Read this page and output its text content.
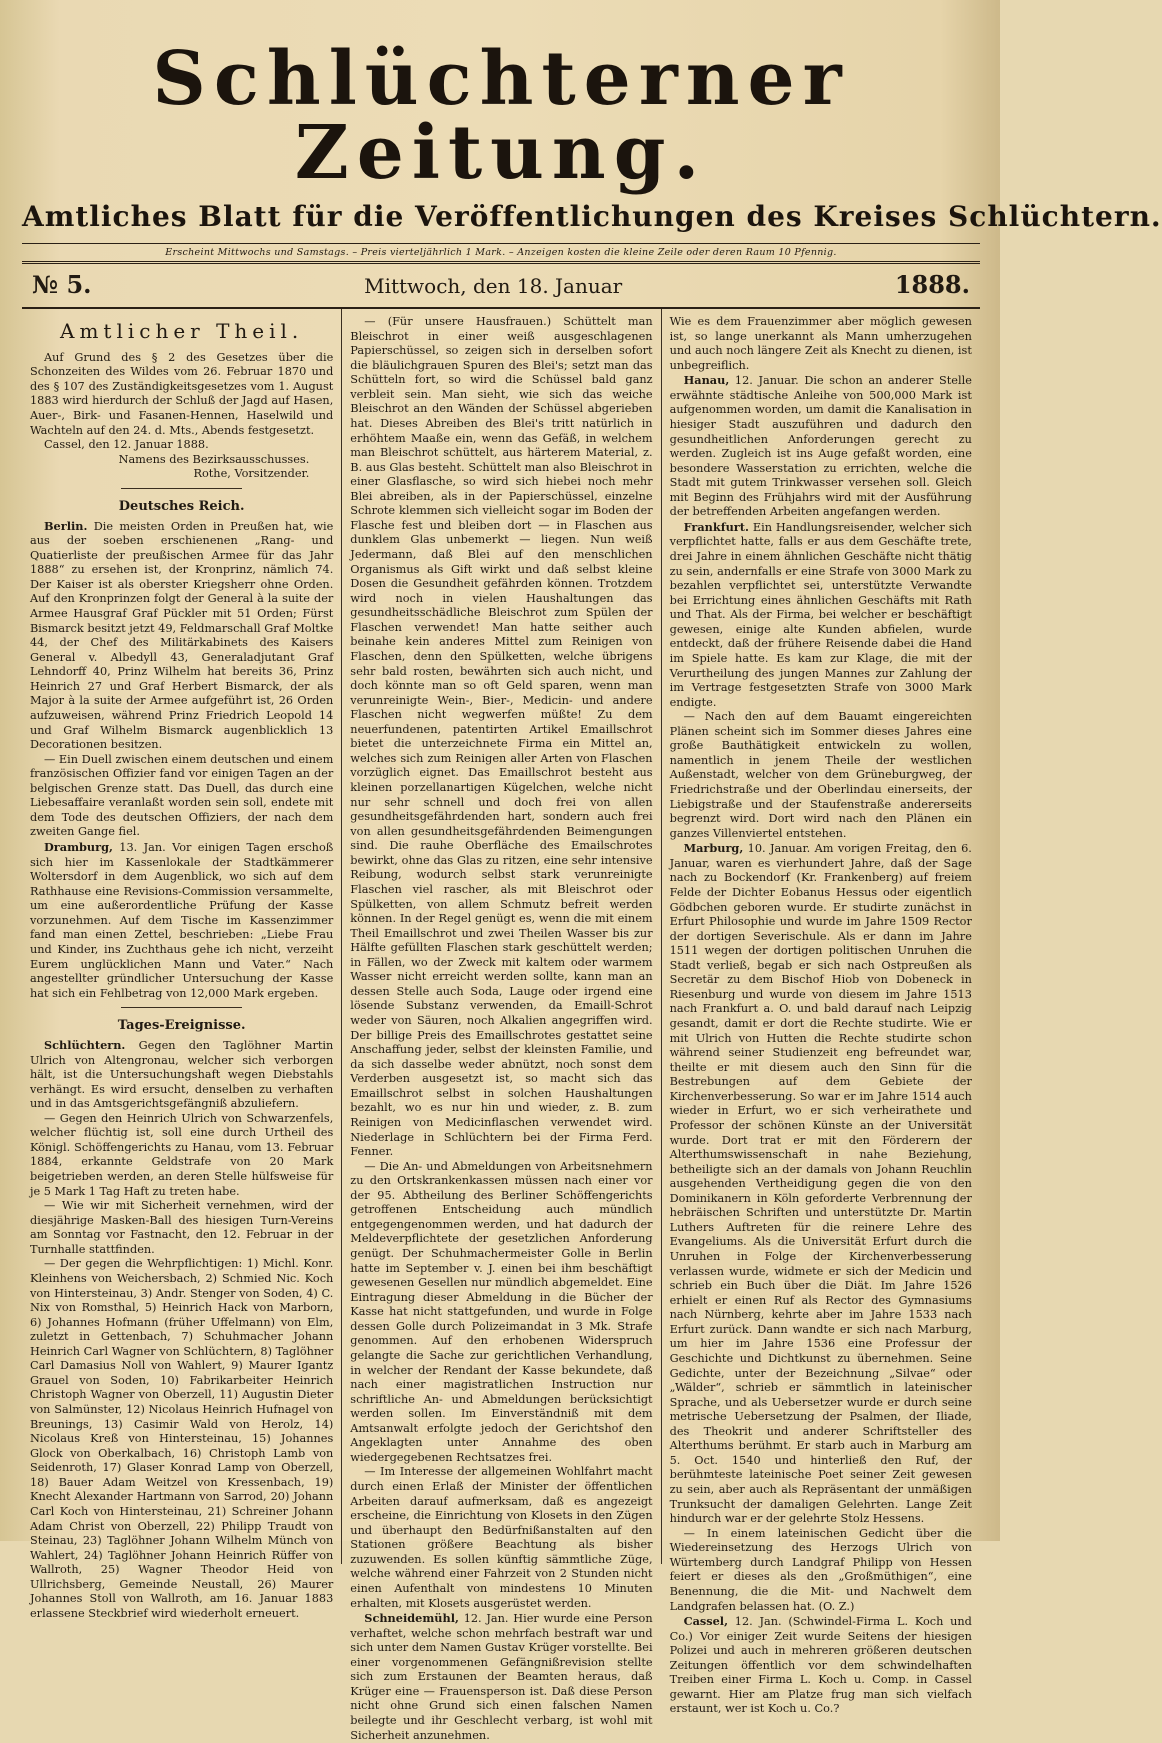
Schlüchterner Zeitung.
Amtliches Blatt für die Veröffentlichungen des Kreises Schlüchtern.
Erscheint Mittwochs und Samstags. – Preis vierteljährlich 1 Mark. – Anzeigen kosten die kleine Zeile oder deren Raum 10 Pfennig.
№ 5.	Mittwoch, den 18. Januar	1888.
Amtlicher Theil.

Auf Grund des § 2 des Gesetzes über die Schonzeiten des Wildes vom 26. Februar 1870 und des § 107 des Zuständigkeitsgesetzes vom 1. August 1883 wird hierdurch der Schluß der Jagd auf Hasen, Auer-, Birk- und Fasanen-Hennen, Haselwild und Wachteln auf den 24. d. Mts., Abends festgesetzt.

Cassel, den 12. Januar 1888.

Namens des Bezirksausschusses.

Rothe, Vorsitzender.

Deutsches Reich.

Berlin. Die meisten Orden in Preußen hat, wie aus der soeben erschienenen „Rang- und Quatierliste der preußischen Armee für das Jahr 1888“ zu ersehen ist, der Kronprinz, nämlich 74. Der Kaiser ist als oberster Kriegsherr ohne Orden. Auf den Kronprinzen folgt der General à la suite der Armee Hausgraf Graf Pückler mit 51 Orden; Fürst Bismarck besitzt jetzt 49, Feldmarschall Graf Moltke 44, der Chef des Militärkabinets des Kaisers General v. Albedyll 43, Generaladjutant Graf Lehndorff 40, Prinz Wilhelm hat bereits 36, Prinz Heinrich 27 und Graf Herbert Bismarck, der als Major à la suite der Armee aufgeführt ist, 26 Orden aufzuweisen, während Prinz Friedrich Leopold 14 und Graf Wilhelm Bismarck augenblicklich 13 Decorationen besitzen.

— Ein Duell zwischen einem deutschen und einem französischen Offizier fand vor einigen Tagen an der belgischen Grenze statt. Das Duell, das durch eine Liebesaffaire veranlaßt worden sein soll, endete mit dem Tode des deutschen Offiziers, der nach dem zweiten Gange fiel.

Dramburg, 13. Jan. Vor einigen Tagen erschoß sich hier im Kassenlokale der Stadtkämmerer Woltersdorf in dem Augenblick, wo sich auf dem Rathhause eine Revisions-Commission versammelte, um eine außerordentliche Prüfung der Kasse vorzunehmen. Auf dem Tische im Kassenzimmer fand man einen Zettel, beschrieben: „Liebe Frau und Kinder, ins Zuchthaus gehe ich nicht, verzeiht Eurem unglücklichen Mann und Vater.“ Nach angestellter gründlicher Untersuchung der Kasse hat sich ein Fehlbetrag von 12,000 Mark ergeben.

Tages-Ereignisse.

Schlüchtern. Gegen den Taglöhner Martin Ulrich von Altengronau, welcher sich verborgen hält, ist die Untersuchungshaft wegen Diebstahls verhängt. Es wird ersucht, denselben zu verhaften und in das Amtsgerichtsgefängniß abzuliefern.

— Gegen den Heinrich Ulrich von Schwarzenfels, welcher flüchtig ist, soll eine durch Urtheil des Königl. Schöffengerichts zu Hanau, vom 13. Februar 1884, erkannte Geldstrafe von 20 Mark beigetrieben werden, an deren Stelle hülfsweise für je 5 Mark 1 Tag Haft zu treten habe.

— Wie wir mit Sicherheit vernehmen, wird der diesjährige Masken-Ball des hiesigen Turn-Vereins am Sonntag vor Fastnacht, den 12. Februar in der Turnhalle stattfinden.

— Der gegen die Wehrpflichtigen: 1) Michl. Konr. Kleinhens von Weichersbach, 2) Schmied Nic. Koch von Hintersteinau, 3) Andr. Stenger von Soden, 4) C. Nix von Romsthal, 5) Heinrich Hack von Marborn, 6) Johannes Hofmann (früher Uffelmann) von Elm, zuletzt in Gettenbach, 7) Schuhmacher Johann Heinrich Carl Wagner von Schlüchtern, 8) Taglöhner Carl Damasius Noll von Wahlert, 9) Maurer Igantz Grauel von Soden, 10) Fabrikarbeiter Heinrich Christoph Wagner von Oberzell, 11) Augustin Dieter von Salmünster, 12) Nicolaus Heinrich Hufnagel von Breunings, 13) Casimir Wald von Herolz, 14) Nicolaus Kreß von Hintersteinau, 15) Johannes Glock von Oberkalbach, 16) Christoph Lamb von Seidenroth, 17) Glaser Konrad Lamp von Oberzell, 18) Bauer Adam Weitzel von Kressenbach, 19) Knecht Alexander Hartmann von Sarrod, 20) Johann Carl Koch von Hintersteinau, 21) Schreiner Johann Adam Christ von Oberzell, 22) Philipp Traudt von Steinau, 23) Taglöhner Johann Wilhelm Münch von Wahlert, 24) Taglöhner Johann Heinrich Rüffer von Wallroth, 25) Wagner Theodor Heid von Ullrichsberg, Gemeinde Neustall, 26) Maurer Johannes Stoll von Wallroth, am 16. Januar 1883 erlassene Steckbrief wird wiederholt erneuert.

— (Für unsere Hausfrauen.) Schüttelt man Bleischrot in einer weiß ausgeschlagenen Papierschüssel, so zeigen sich in derselben sofort die bläulichgrauen Spuren des Blei's; setzt man das Schütteln fort, so wird die Schüssel bald ganz verbleit sein. Man sieht, wie sich das weiche Bleischrot an den Wänden der Schüssel abgerieben hat. Dieses Abreiben des Blei's tritt natürlich in erhöhtem Maaße ein, wenn das Gefäß, in welchem man Bleischrot schüttelt, aus härterem Material, z. B. aus Glas besteht. Schüttelt man also Bleischrot in einer Glasflasche, so wird sich hiebei noch mehr Blei abreiben, als in der Papierschüssel, einzelne Schrote klemmen sich vielleicht sogar im Boden der Flasche fest und bleiben dort — in Flaschen aus dunklem Glas unbemerkt — liegen. Nun weiß Jedermann, daß Blei auf den menschlichen Organismus als Gift wirkt und daß selbst kleine Dosen die Gesundheit gefährden können. Trotzdem wird noch in vielen Haushaltungen das gesundheitsschädliche Bleischrot zum Spülen der Flaschen verwendet! Man hatte seither auch beinahe kein anderes Mittel zum Reinigen von Flaschen, denn den Spülketten, welche übrigens sehr bald rosten, bewährten sich auch nicht, und doch könnte man so oft Geld sparen, wenn man verunreinigte Wein-, Bier-, Medicin- und andere Flaschen nicht wegwerfen müßte! Zu dem neuerfundenen, patentirten Artikel Emaillschrot bietet die unterzeichnete Firma ein Mittel an, welches sich zum Reinigen aller Arten von Flaschen vorzüglich eignet. Das Emaillschrot besteht aus kleinen porzellanartigen Kügelchen, welche nicht nur sehr schnell und doch frei von allen gesundheitsgefährdenden hart, sondern auch frei von allen gesundheitsgefährdenden Beimengungen sind. Die rauhe Oberfläche des Emailschrotes bewirkt, ohne das Glas zu ritzen, eine sehr intensive Reibung, wodurch selbst stark verunreinigte Flaschen viel rascher, als mit Bleischrot oder Spülketten, von allem Schmutz befreit werden können. In der Regel genügt es, wenn die mit einem Theil Emaillschrot und zwei Theilen Wasser bis zur Hälfte gefüllten Flaschen stark geschüttelt werden; in Fällen, wo der Zweck mit kaltem oder warmem Wasser nicht erreicht werden sollte, kann man an dessen Stelle auch Soda, Lauge oder irgend eine lösende Substanz verwenden, da Emaill-Schrot weder von Säuren, noch Alkalien angegriffen wird. Der billige Preis des Emaillschrotes gestattet seine Anschaffung jeder, selbst der kleinsten Familie, und da sich dasselbe weder abnützt, noch sonst dem Verderben ausgesetzt ist, so macht sich das Emaillschrot selbst in solchen Haushaltungen bezahlt, wo es nur hin und wieder, z. B. zum Reinigen von Medicinflaschen verwendet wird. Niederlage in Schlüchtern bei der Firma Ferd. Fenner.

— Die An- und Abmeldungen von Arbeitsnehmern zu den Ortskrankenkassen müssen nach einer vor der 95. Abtheilung des Berliner Schöffengerichts getroffenen Entscheidung auch mündlich entgegengenommen werden, und hat dadurch der Meldeverpflichtete der gesetzlichen Anforderung genügt. Der Schuhmachermeister Golle in Berlin hatte im September v. J. einen bei ihm beschäftigt gewesenen Gesellen nur mündlich abgemeldet. Eine Eintragung dieser Abmeldung in die Bücher der Kasse hat nicht stattgefunden, und wurde in Folge dessen Golle durch Polizeimandat in 3 Mk. Strafe genommen. Auf den erhobenen Widerspruch gelangte die Sache zur gerichtlichen Verhandlung, in welcher der Rendant der Kasse bekundete, daß nach einer magistratlichen Instruction nur schriftliche An- und Abmeldungen berücksichtigt werden sollen. Im Einverständniß mit dem Amtsanwalt erfolgte jedoch der Gerichtshof den Angeklagten unter Annahme des oben wiedergegebenen Rechtsatzes frei.

— Im Interesse der allgemeinen Wohlfahrt macht durch einen Erlaß der Minister der öffentlichen Arbeiten darauf aufmerksam, daß es angezeigt erscheine, die Einrichtung von Klosets in den Zügen und überhaupt den Bedürfnißanstalten auf den Stationen größere Beachtung als bisher zuzuwenden. Es sollen künftig sämmtliche Züge, welche während einer Fahrzeit von 2 Stunden nicht einen Aufenthalt von mindestens 10 Minuten erhalten, mit Klosets ausgerüstet werden.

Schneidemühl, 12. Jan. Hier wurde eine Person verhaftet, welche schon mehrfach bestraft war und sich unter dem Namen Gustav Krüger vorstellte. Bei einer vorgenommenen Gefängnißrevision stellte sich zum Erstaunen der Beamten heraus, daß Krüger eine — Frauensperson ist. Daß diese Person nicht ohne Grund sich einen falschen Namen beilegte und ihr Geschlecht verbarg, ist wohl mit Sicherheit anzunehmen.

Wie es dem Frauenzimmer aber möglich gewesen ist, so lange unerkannt als Mann umherzugehen und auch noch längere Zeit als Knecht zu dienen, ist unbegreiflich.

Hanau, 12. Januar. Die schon an anderer Stelle erwähnte städtische Anleihe von 500,000 Mark ist aufgenommen worden, um damit die Kanalisation in hiesiger Stadt auszuführen und dadurch den gesundheitlichen Anforderungen gerecht zu werden. Zugleich ist ins Auge gefaßt worden, eine besondere Wasserstation zu errichten, welche die Stadt mit gutem Trinkwasser versehen soll. Gleich mit Beginn des Frühjahrs wird mit der Ausführung der betreffenden Arbeiten angefangen werden.

Frankfurt. Ein Handlungsreisender, welcher sich verpflichtet hatte, falls er aus dem Geschäfte trete, drei Jahre in einem ähnlichen Geschäfte nicht thätig zu sein, andernfalls er eine Strafe von 3000 Mark zu bezahlen verpflichtet sei, unterstützte Verwandte bei Errichtung eines ähnlichen Geschäfts mit Rath und That. Als der Firma, bei welcher er beschäftigt gewesen, einige alte Kunden abfielen, wurde entdeckt, daß der frühere Reisende dabei die Hand im Spiele hatte. Es kam zur Klage, die mit der Verurtheilung des jungen Mannes zur Zahlung der im Vertrage festgesetzten Strafe von 3000 Mark endigte.

— Nach den auf dem Bauamt eingereichten Plänen scheint sich im Sommer dieses Jahres eine große Bauthätigkeit entwickeln zu wollen, namentlich in jenem Theile der westlichen Außenstadt, welcher von dem Grüneburgweg, der Friedrichstraße und der Oberlindau einerseits, der Liebigstraße und der Staufenstraße andererseits begrenzt wird. Dort wird nach den Plänen ein ganzes Villenviertel entstehen.

Marburg, 10. Januar. Am vorigen Freitag, den 6. Januar, waren es vierhundert Jahre, daß der Sage nach zu Bockendorf (Kr. Frankenberg) auf freiem Felde der Dichter Eobanus Hessus oder eigentlich Gödbchen geboren wurde. Er studirte zunächst in Erfurt Philosophie und wurde im Jahre 1509 Rector der dortigen Severischule. Als er dann im Jahre 1511 wegen der dortigen politischen Unruhen die Stadt verließ, begab er sich nach Ostpreußen als Secretär zu dem Bischof Hiob von Dobeneck in Riesenburg und wurde von diesem im Jahre 1513 nach Frankfurt a. O. und bald darauf nach Leipzig gesandt, damit er dort die Rechte studirte. Wie er mit Ulrich von Hutten die Rechte studirte schon während seiner Studienzeit eng befreundet war, theilte er mit diesem auch den Sinn für die Bestrebungen auf dem Gebiete der Kirchenverbesserung. So war er im Jahre 1514 auch wieder in Erfurt, wo er sich verheirathete und Professor der schönen Künste an der Universität wurde. Dort trat er mit den Förderern der Alterthumswissenschaft in nahe Beziehung, betheiligte sich an der damals von Johann Reuchlin ausgehenden Vertheidigung gegen die von den Dominikanern in Köln geforderte Verbrennung der hebräischen Schriften und unterstützte Dr. Martin Luthers Auftreten für die reinere Lehre des Evangeliums. Als die Universität Erfurt durch die Unruhen in Folge der Kirchenverbesserung verlassen wurde, widmete er sich der Medicin und schrieb ein Buch über die Diät. Im Jahre 1526 erhielt er einen Ruf als Rector des Gymnasiums nach Nürnberg, kehrte aber im Jahre 1533 nach Erfurt zurück. Dann wandte er sich nach Marburg, um hier im Jahre 1536 eine Professur der Geschichte und Dichtkunst zu übernehmen. Seine Gedichte, unter der Bezeichnung „Silvae“ oder „Wälder“, schrieb er sämmtlich in lateinischer Sprache, und als Uebersetzer wurde er durch seine metrische Uebersetzung der Psalmen, der Iliade, des Theokrit und anderer Schriftsteller des Alterthums berühmt. Er starb auch in Marburg am 5. Oct. 1540 und hinterließ den Ruf, der berühmteste lateinische Poet seiner Zeit gewesen zu sein, aber auch als Repräsentant der unmäßigen Trunksucht der damaligen Gelehrten. Lange Zeit hindurch war er der gelehrte Stolz Hessens.

— In einem lateinischen Gedicht über die Wiedereinsetzung des Herzogs Ulrich von Würtemberg durch Landgraf Philipp von Hessen feiert er dieses als den „Großmüthigen“, eine Benennung, die die Mit- und Nachwelt dem Landgrafen belassen hat. (O. Z.)

Cassel, 12. Jan. (Schwindel-Firma L. Koch und Co.) Vor einiger Zeit wurde Seitens der hiesigen Polizei und auch in mehreren größeren deutschen Zeitungen öffentlich vor dem schwindelhaften Treiben einer Firma L. Koch u. Comp. in Cassel gewarnt. Hier am Platze frug man sich vielfach erstaunt, wer ist Koch u. Co.?
